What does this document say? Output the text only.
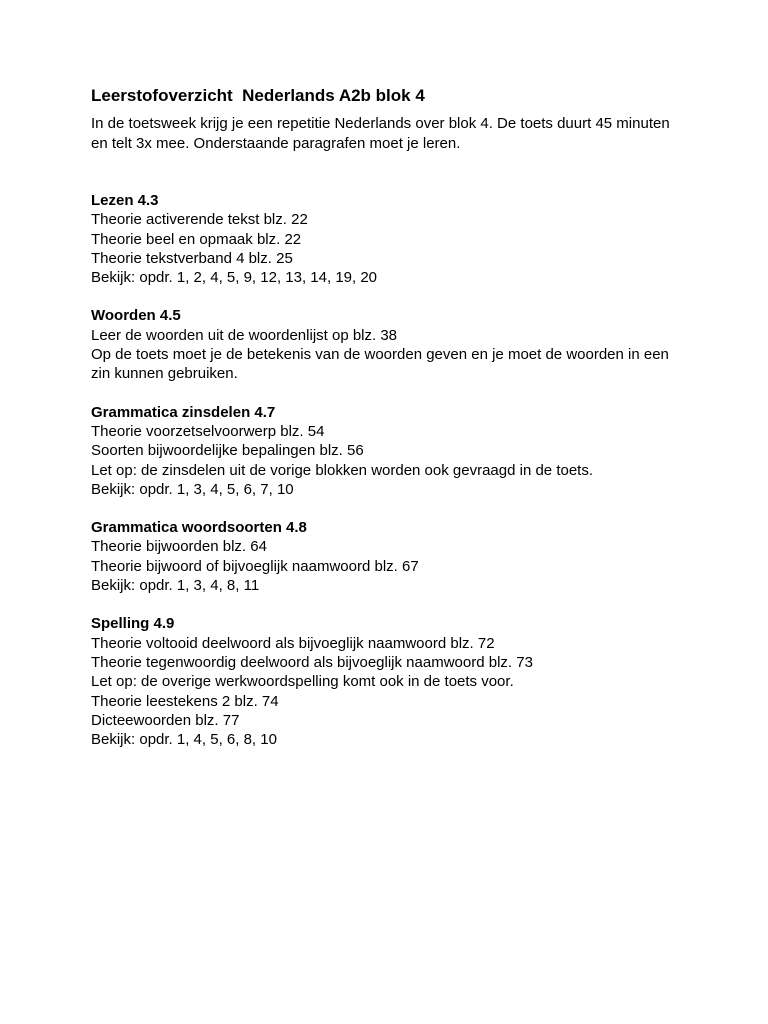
Leerstofoverzicht  Nederlands A2b blok 4

In de toetsweek krijg je een repetitie Nederlands over blok 4. De toets duurt 45 minuten en telt 3x mee. Onderstaande paragrafen moet je leren.

Lezen 4.3

Theorie activerende tekst blz. 22

Theorie beel en opmaak blz. 22

Theorie tekstverband 4 blz. 25

Bekijk: opdr. 1, 2, 4, 5, 9, 12, 13, 14, 19, 20

Woorden 4.5

Leer de woorden uit de woordenlijst op blz. 38

Op de toets moet je de betekenis van de woorden geven en je moet de woorden in een zin kunnen gebruiken.

Grammatica zinsdelen 4.7

Theorie voorzetselvoorwerp blz. 54

Soorten bijwoordelijke bepalingen blz. 56

Let op: de zinsdelen uit de vorige blokken worden ook gevraagd in de toets.

Bekijk: opdr. 1, 3, 4, 5, 6, 7, 10

Grammatica woordsoorten 4.8

Theorie bijwoorden blz. 64

Theorie bijwoord of bijvoeglijk naamwoord blz. 67

Bekijk: opdr. 1, 3, 4, 8, 11

Spelling 4.9

Theorie voltooid deelwoord als bijvoeglijk naamwoord blz. 72

Theorie tegenwoordig deelwoord als bijvoeglijk naamwoord blz. 73

Let op: de overige werkwoordspelling komt ook in de toets voor.

Theorie leestekens 2 blz. 74

Dicteewoorden blz. 77

Bekijk: opdr. 1, 4, 5, 6, 8, 10
